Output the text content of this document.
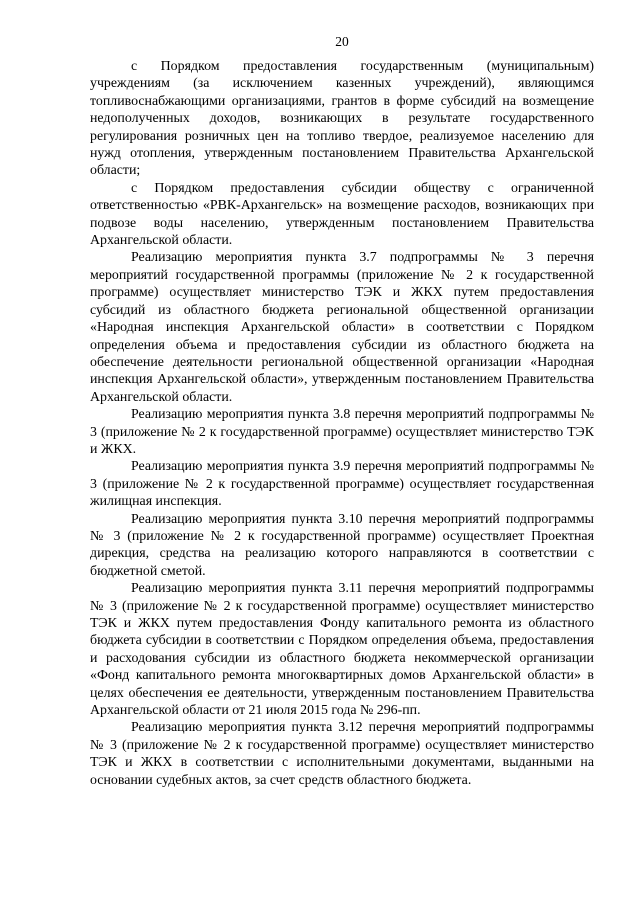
20

с Порядком предоставления государственным (муниципальным) учреждениям (за исключением казенных учреждений), являющимся топливоснабжающими организациями, грантов в форме субсидий на возмещение недополученных доходов, возникающих в результате государственного регулирования розничных цен на топливо твердое, реализуемое населению для нужд отопления, утвержденным постановлением Правительства Архангельской области;

с Порядком предоставления субсидии обществу с ограниченной ответственностью «РВК-Архангельск» на возмещение расходов, возникающих при подвозе воды населению, утвержденным постановлением Правительства Архангельской области.

Реализацию мероприятия пункта 3.7 подпрограммы № 3 перечня мероприятий государственной программы (приложение № 2 к государственной программе) осуществляет министерство ТЭК и ЖКХ путем предоставления субсидий из областного бюджета региональной общественной организации «Народная инспекция Архангельской области» в соответствии с Порядком определения объема и предоставления субсидии из областного бюджета на обеспечение деятельности региональной общественной организации «Народная инспекция Архангельской области», утвержденным постановлением Правительства Архангельской области.

Реализацию мероприятия пункта 3.8 перечня мероприятий подпрограммы № 3 (приложение № 2 к государственной программе) осуществляет министерство ТЭК и ЖКХ.

Реализацию мероприятия пункта 3.9 перечня мероприятий подпрограммы № 3 (приложение № 2 к государственной программе) осуществляет государственная жилищная инспекция.

Реализацию мероприятия пункта 3.10 перечня мероприятий подпрограммы № 3 (приложение № 2 к государственной программе) осуществляет Проектная дирекция, средства на реализацию которого направляются в соответствии с бюджетной сметой.

Реализацию мероприятия пункта 3.11 перечня мероприятий подпрограммы № 3 (приложение № 2 к государственной программе) осуществляет министерство ТЭК и ЖКХ путем предоставления Фонду капитального ремонта из областного бюджета субсидии в соответствии с Порядком определения объема, предоставления и расходования субсидии из областного бюджета некоммерческой организации «Фонд капитального ремонта многоквартирных домов Архангельской области» в целях обеспечения ее деятельности, утвержденным постановлением Правительства Архангельской области от 21 июля 2015 года № 296-пп.

Реализацию мероприятия пункта 3.12 перечня мероприятий подпрограммы № 3 (приложение № 2 к государственной программе) осуществляет министерство ТЭК и ЖКХ в соответствии с исполнительными документами, выданными на основании судебных актов, за счет средств областного бюджета.
